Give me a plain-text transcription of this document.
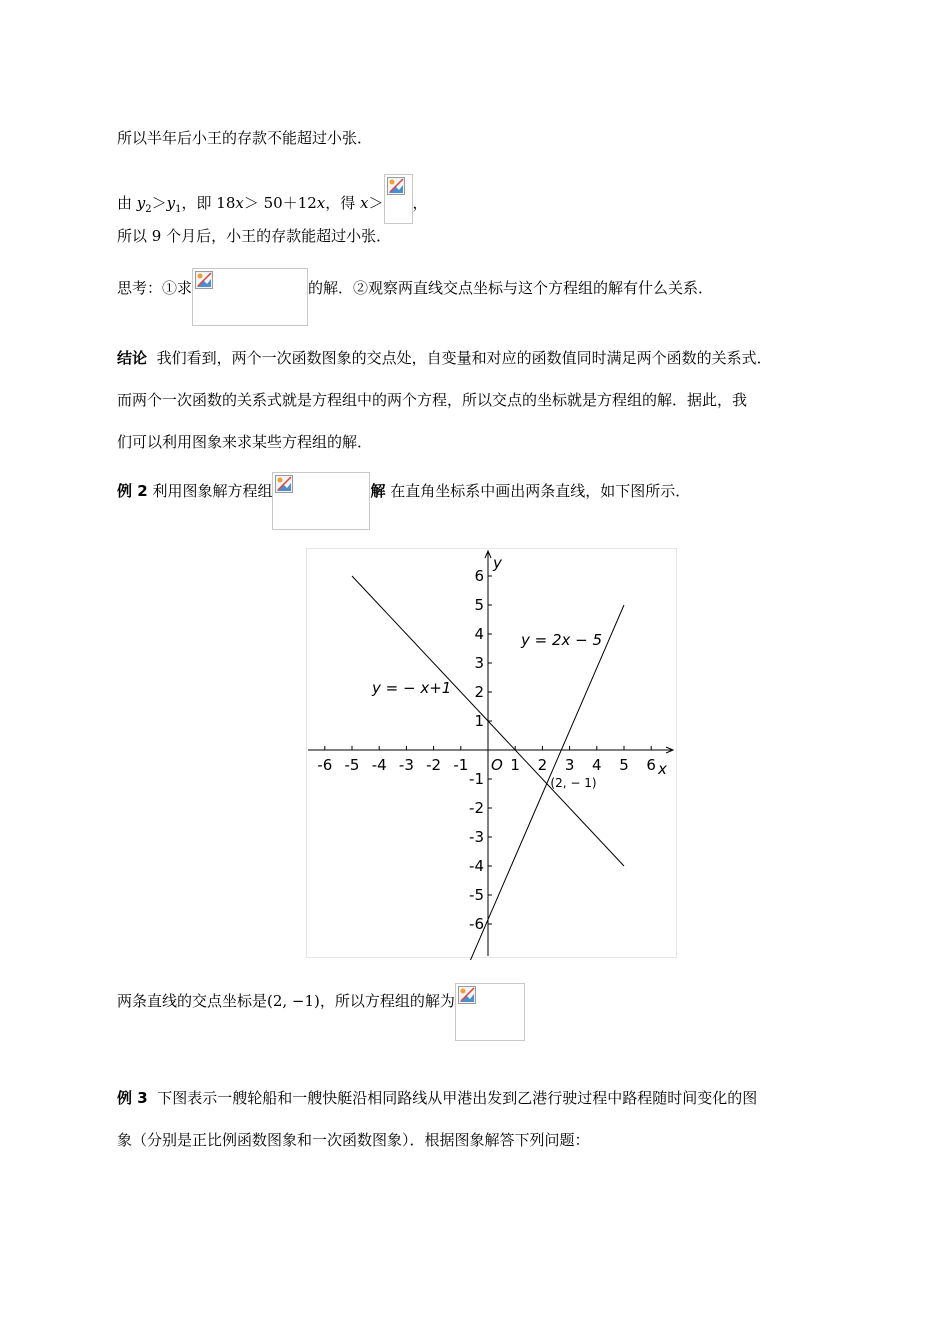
所以半年后小王的存款不能超过小张．
由 $y_2>y_1$，即 18x＞ 50＋12x，得 x＞ ，
所以 9 个月后，小王的存款能超过小张．
思考：①求	的解．②观察两直线交点坐标与这个方程组的解有什么关系．
结论 我们看到，两个一次函数图象的交点处，自变量和对应的函数值同时满足两个函数的关系式．
而两个一次函数的关系式就是方程组中的两个方程，所以交点的坐标就是方程组的解．据此，我
们可以利用图象来求某些方程组的解．
例 2 利用图象解方程组	解 在直角坐标系中画出两条直线，如下图所示．
-6 -5 -4 -3 -2 -1	1 2 3 4 5 6
6
5
4
3
2
1
-1
-2
-3
-4
-5
-6
O	x
y
y = 2x − 5
y = − x+1
(2, − 1)
两条直线的交点坐标是(2, −1)，所以方程组的解为
例 3 下图表示一艘轮船和一艘快艇沿相同路线从甲港出发到乙港行驶过程中路程随时间变化的图
象（分别是正比例函数图象和一次函数图象）．根据图象解答下列问题：
